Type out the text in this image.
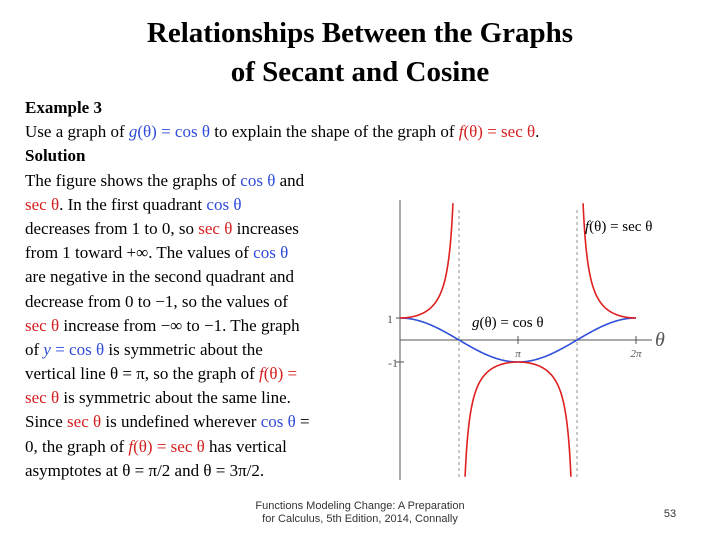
Relationships Between the Graphs
of Secant and Cosine
1
-1
π	2π
θ
f(θ) = sec θ
g(θ) = cos θ
Example 3
Use a graph of g(θ) = cos θ to explain the shape of the graph of f(θ) = sec θ.
Solution
The figure shows the graphs of cos θ and
sec θ. In the first quadrant cos θ
decreases from 1 to 0, so sec θ increases
from 1 toward +∞. The values of cos θ
are negative in the second quadrant and
decrease from 0 to −1, so the values of
sec θ increase from −∞ to −1. The graph
of y = cos θ is symmetric about the
vertical line θ = π, so the graph of f(θ) =
sec θ is symmetric about the same line.
Since sec θ is undefined wherever cos θ =
0, the graph of f(θ) = sec θ has vertical
asymptotes at θ = π/2 and θ = 3π/2.
Functions Modeling Change: A Preparation
for Calculus, 5th Edition, 2014, Connally	53
